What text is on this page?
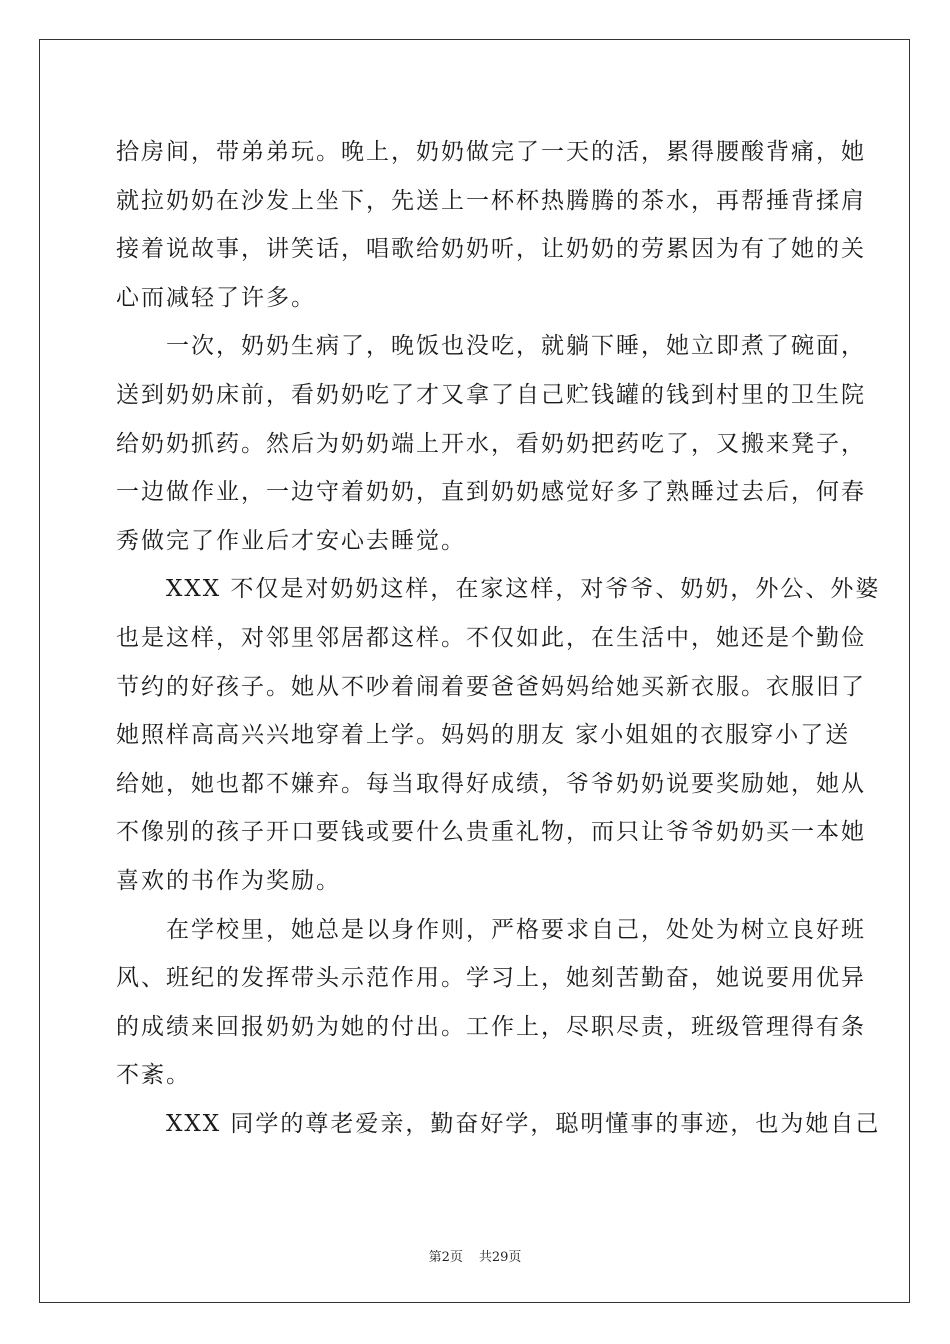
拾房间，带弟弟玩。晚上，奶奶做完了一天的活，累得腰酸背痛，她
就拉奶奶在沙发上坐下，先送上一杯杯热腾腾的茶水，再帮捶背揉肩
接着说故事，讲笑话，唱歌给奶奶听，让奶奶的劳累因为有了她的关
心而减轻了许多。
　　一次，奶奶生病了，晚饭也没吃，就躺下睡，她立即煮了碗面，
送到奶奶床前，看奶奶吃了才又拿了自己贮钱罐的钱到村里的卫生院
给奶奶抓药。然后为奶奶端上开水，看奶奶把药吃了，又搬来凳子，
一边做作业，一边守着奶奶，直到奶奶感觉好多了熟睡过去后，何春
秀做完了作业后才安心去睡觉。
　　XXX 不仅是对奶奶这样，在家这样，对爷爷、奶奶，外公、外婆
也是这样，对邻里邻居都这样。不仅如此，在生活中，她还是个勤俭
节约的好孩子。她从不吵着闹着要爸爸妈妈给她买新衣服。衣服旧了
她照样高高兴兴地穿着上学。妈妈的朋友 家小姐姐的衣服穿小了送
给她，她也都不嫌弃。每当取得好成绩，爷爷奶奶说要奖励她，她从
不像别的孩子开口要钱或要什么贵重礼物，而只让爷爷奶奶买一本她
喜欢的书作为奖励。
　　在学校里，她总是以身作则，严格要求自己，处处为树立良好班
风、班纪的发挥带头示范作用。学习上，她刻苦勤奋，她说要用优异
的成绩来回报奶奶为她的付出。工作上，尽职尽责，班级管理得有条
不紊。
　　XXX 同学的尊老爱亲，勤奋好学，聪明懂事的事迹，也为她自己
第2页 共29页
